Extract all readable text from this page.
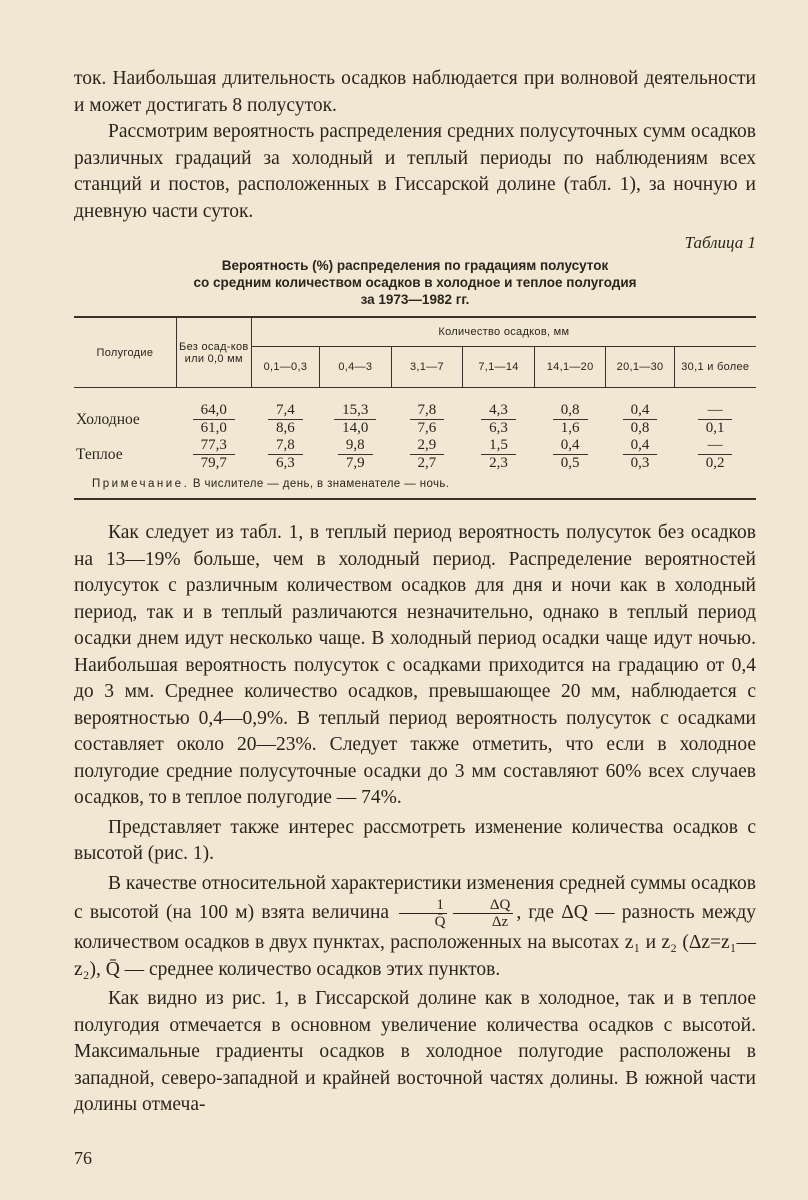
ток. Наибольшая длительность осадков наблюдается при волновой деятельности и может достигать 8 полусуток.

Рассмотрим вероятность распределения средних полусуточных сумм осадков различных градаций за холодный и теплый периоды по наблюдениям всех станций и постов, расположенных в Гиссарской долине (табл. 1), за ночную и дневную части суток.

Таблица 1
Вероятность (%) распределения по градациям полусуток
со средним количеством осадков в холодное и теплое полугодия
за 1973—1982 гг.
Полугодие	Без осад-ков или 0,0 мм	Количество осадков, мм						
		0,1—0,3	0,4—3	3,1—7	7,1—14	14,1—20	20,1—30	30,1 и более
Холодное	$\frac{64,0}{61,0}$	$\frac{7,4}{8,6}$	$\frac{15,3}{14,0}$	$\frac{7,8}{7,6}$	$\frac{4,3}{6,3}$	$\frac{0,8}{1,6}$	$\frac{0,4}{0,8}$	$\frac{—}{0,1}$

Теплое	$\frac{77,3}{79,7}$	$\frac{7,8}{6,3}$	$\frac{9,8}{7,9}$	$\frac{2,9}{2,7}$	$\frac{1,5}{2,3}$	$\frac{0,4}{0,5}$	$\frac{0,4}{0,3}$	$\frac{—}{0,2}$

Примечание. В числителе — день, в знаменателе — ночь.								

Как следует из табл. 1, в теплый период вероятность полусуток без осадков на 13—19% больше, чем в холодный период. Распределение вероятностей полусуток с различным количеством осадков для дня и ночи как в холодный период, так и в теплый различаются незначительно, однако в теплый период осадки днем идут несколько чаще. В холодный период осадки чаще идут ночью. Наибольшая вероятность полусуток с осадками приходится на градацию от 0,4 до 3 мм. Среднее количество осадков, превышающее 20 мм, наблюдается с вероятностью 0,4—0,9%. В теплый период вероятность полусуток с осадками составляет около 20—23%. Следует также отметить, что если в холодное полугодие средние полусуточные осадки до 3 мм составляют 60% всех случаев осадков, то в теплое полугодие — 74%.

Представляет также интерес рассмотреть изменение количества осадков с высотой (рис. 1).

В качестве относительной характеристики изменения средней суммы осадков с высотой (на 100 м) взята величина $\frac{1}{Q̄} \frac{\Delta Q}{\Delta z}$ , где ΔQ — разность между количеством осадков в двух пунктах, расположенных на высотах z₁ и z₂ (Δz=z₁—z₂), Q̄ — среднее количество осадков этих пунктов.

Как видно из рис. 1, в Гиссарской долине как в холодное, так и в теплое полугодия отмечается в основном увеличение количества осадков с высотой. Максимальные градиенты осадков в холодное полугодие расположены в западной, северо-западной и крайней восточной частях долины. В южной части долины отмеча-

76
